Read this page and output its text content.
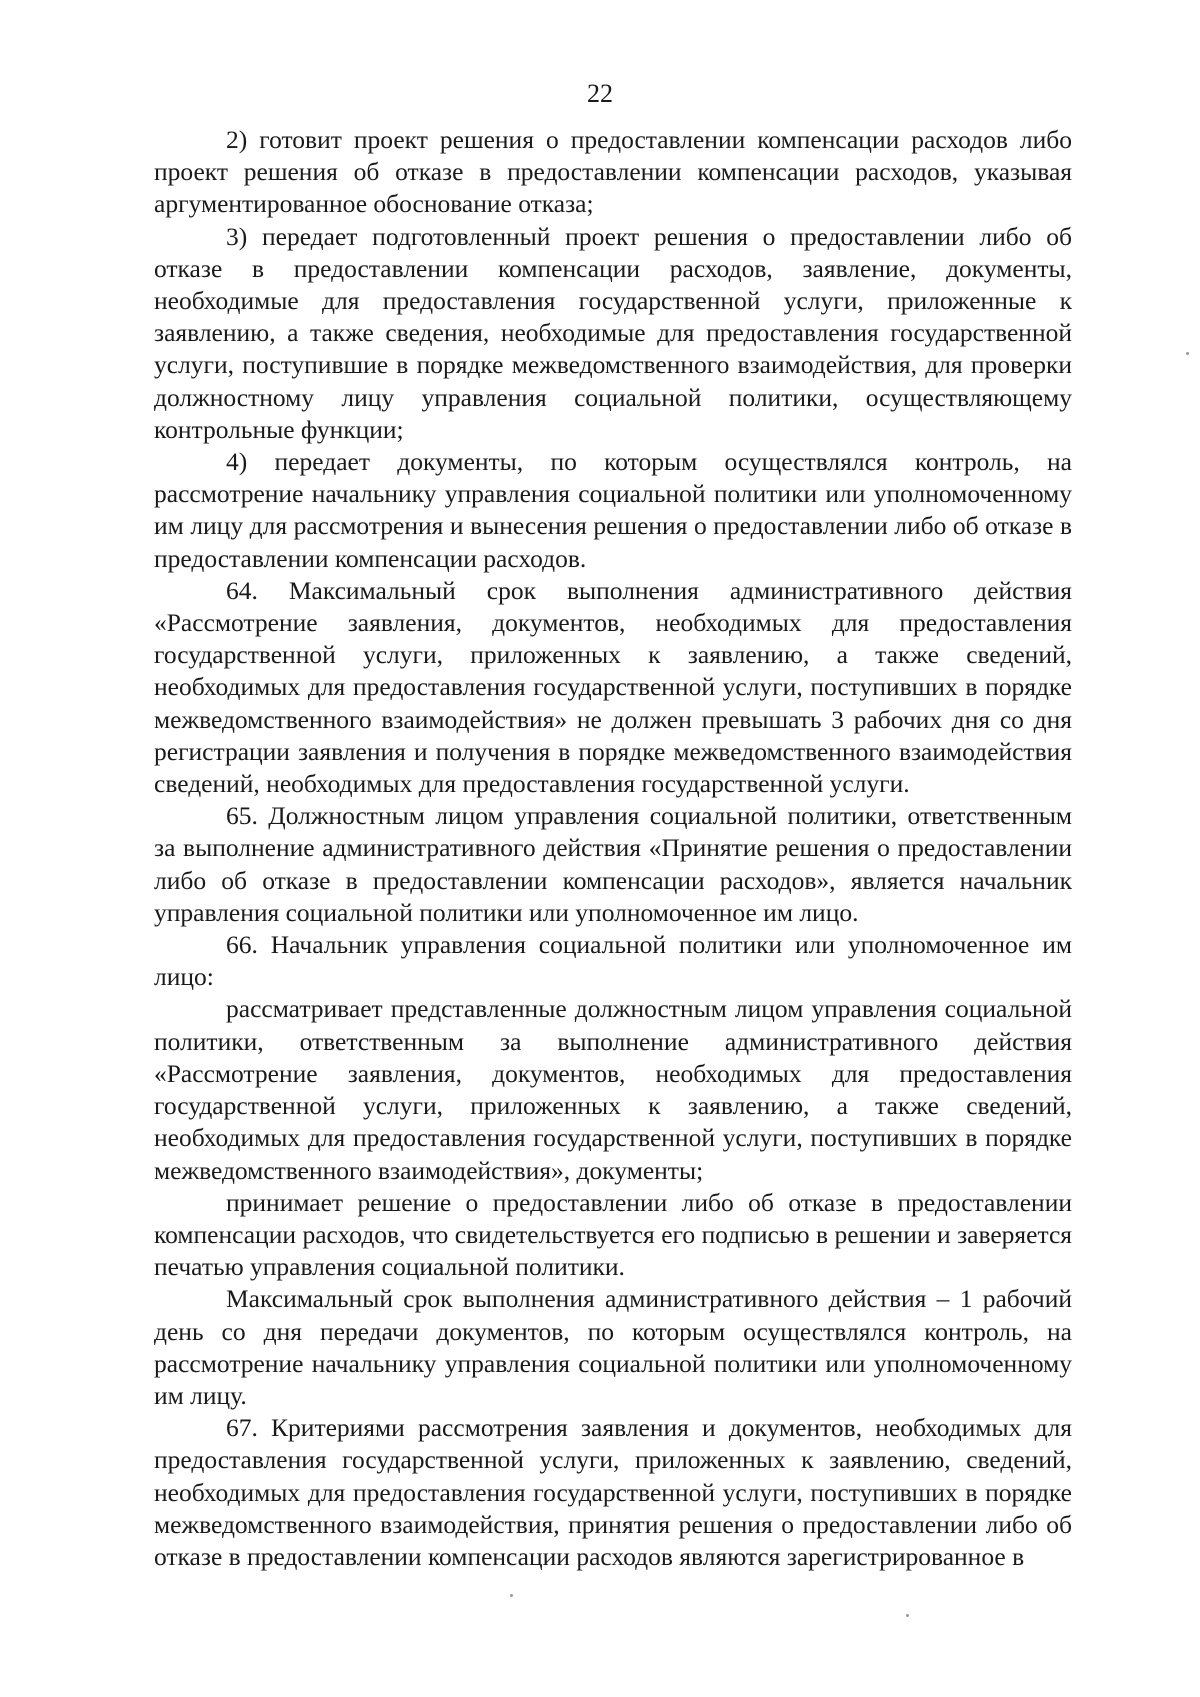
22

2) готовит проект решения о предоставлении компенсации расходов либо проект решения об отказе в предоставлении компенсации расходов, указывая аргументированное обоснование отказа;

3) передает подготовленный проект решения о предоставлении либо об отказе в предоставлении компенсации расходов, заявление, документы, необходимые для предоставления государственной услуги, приложенные к заявлению, а также сведения, необходимые для предоставления государственной услуги, поступившие в порядке межведомственного взаимодействия, для проверки должностному лицу управления социальной политики, осуществляющему контрольные функции;

4) передает документы, по которым осуществлялся контроль, на рассмотрение начальнику управления социальной политики или уполномоченному им лицу для рассмотрения и вынесения решения о предоставлении либо об отказе в предоставлении компенсации расходов.

64. Максимальный срок выполнения административного действия «Рассмотрение заявления, документов, необходимых для предоставления государственной услуги, приложенных к заявлению, а также сведений, необходимых для предоставления государственной услуги, поступивших в порядке межведомственного взаимодействия» не должен превышать 3 рабочих дня со дня регистрации заявления и получения в порядке межведомственного взаимодействия сведений, необходимых для предоставления государственной услуги.

65. Должностным лицом управления социальной политики, ответственным за выполнение административного действия «Принятие решения о предоставлении либо об отказе в предоставлении компенсации расходов», является начальник управления социальной политики или уполномоченное им лицо.

66. Начальник управления социальной политики или уполномоченное им лицо:

рассматривает представленные должностным лицом управления социальной политики, ответственным за выполнение административного действия «Рассмотрение заявления, документов, необходимых для предоставления государственной услуги, приложенных к заявлению, а также сведений, необходимых для предоставления государственной услуги, поступивших в порядке межведомственного взаимодействия», документы;

принимает решение о предоставлении либо об отказе в предоставлении компенсации расходов, что свидетельствуется его подписью в решении и заверяется печатью управления социальной политики.

Максимальный срок выполнения административного действия – 1 рабочий день со дня передачи документов, по которым осуществлялся контроль, на рассмотрение начальнику управления социальной политики или уполномоченному им лицу.

67. Критериями рассмотрения заявления и документов, необходимых для предоставления государственной услуги, приложенных к заявлению, сведений, необходимых для предоставления государственной услуги, поступивших в порядке межведомственного взаимодействия, принятия решения о предоставлении либо об отказе в предоставлении компенсации расходов являются зарегистрированное в
